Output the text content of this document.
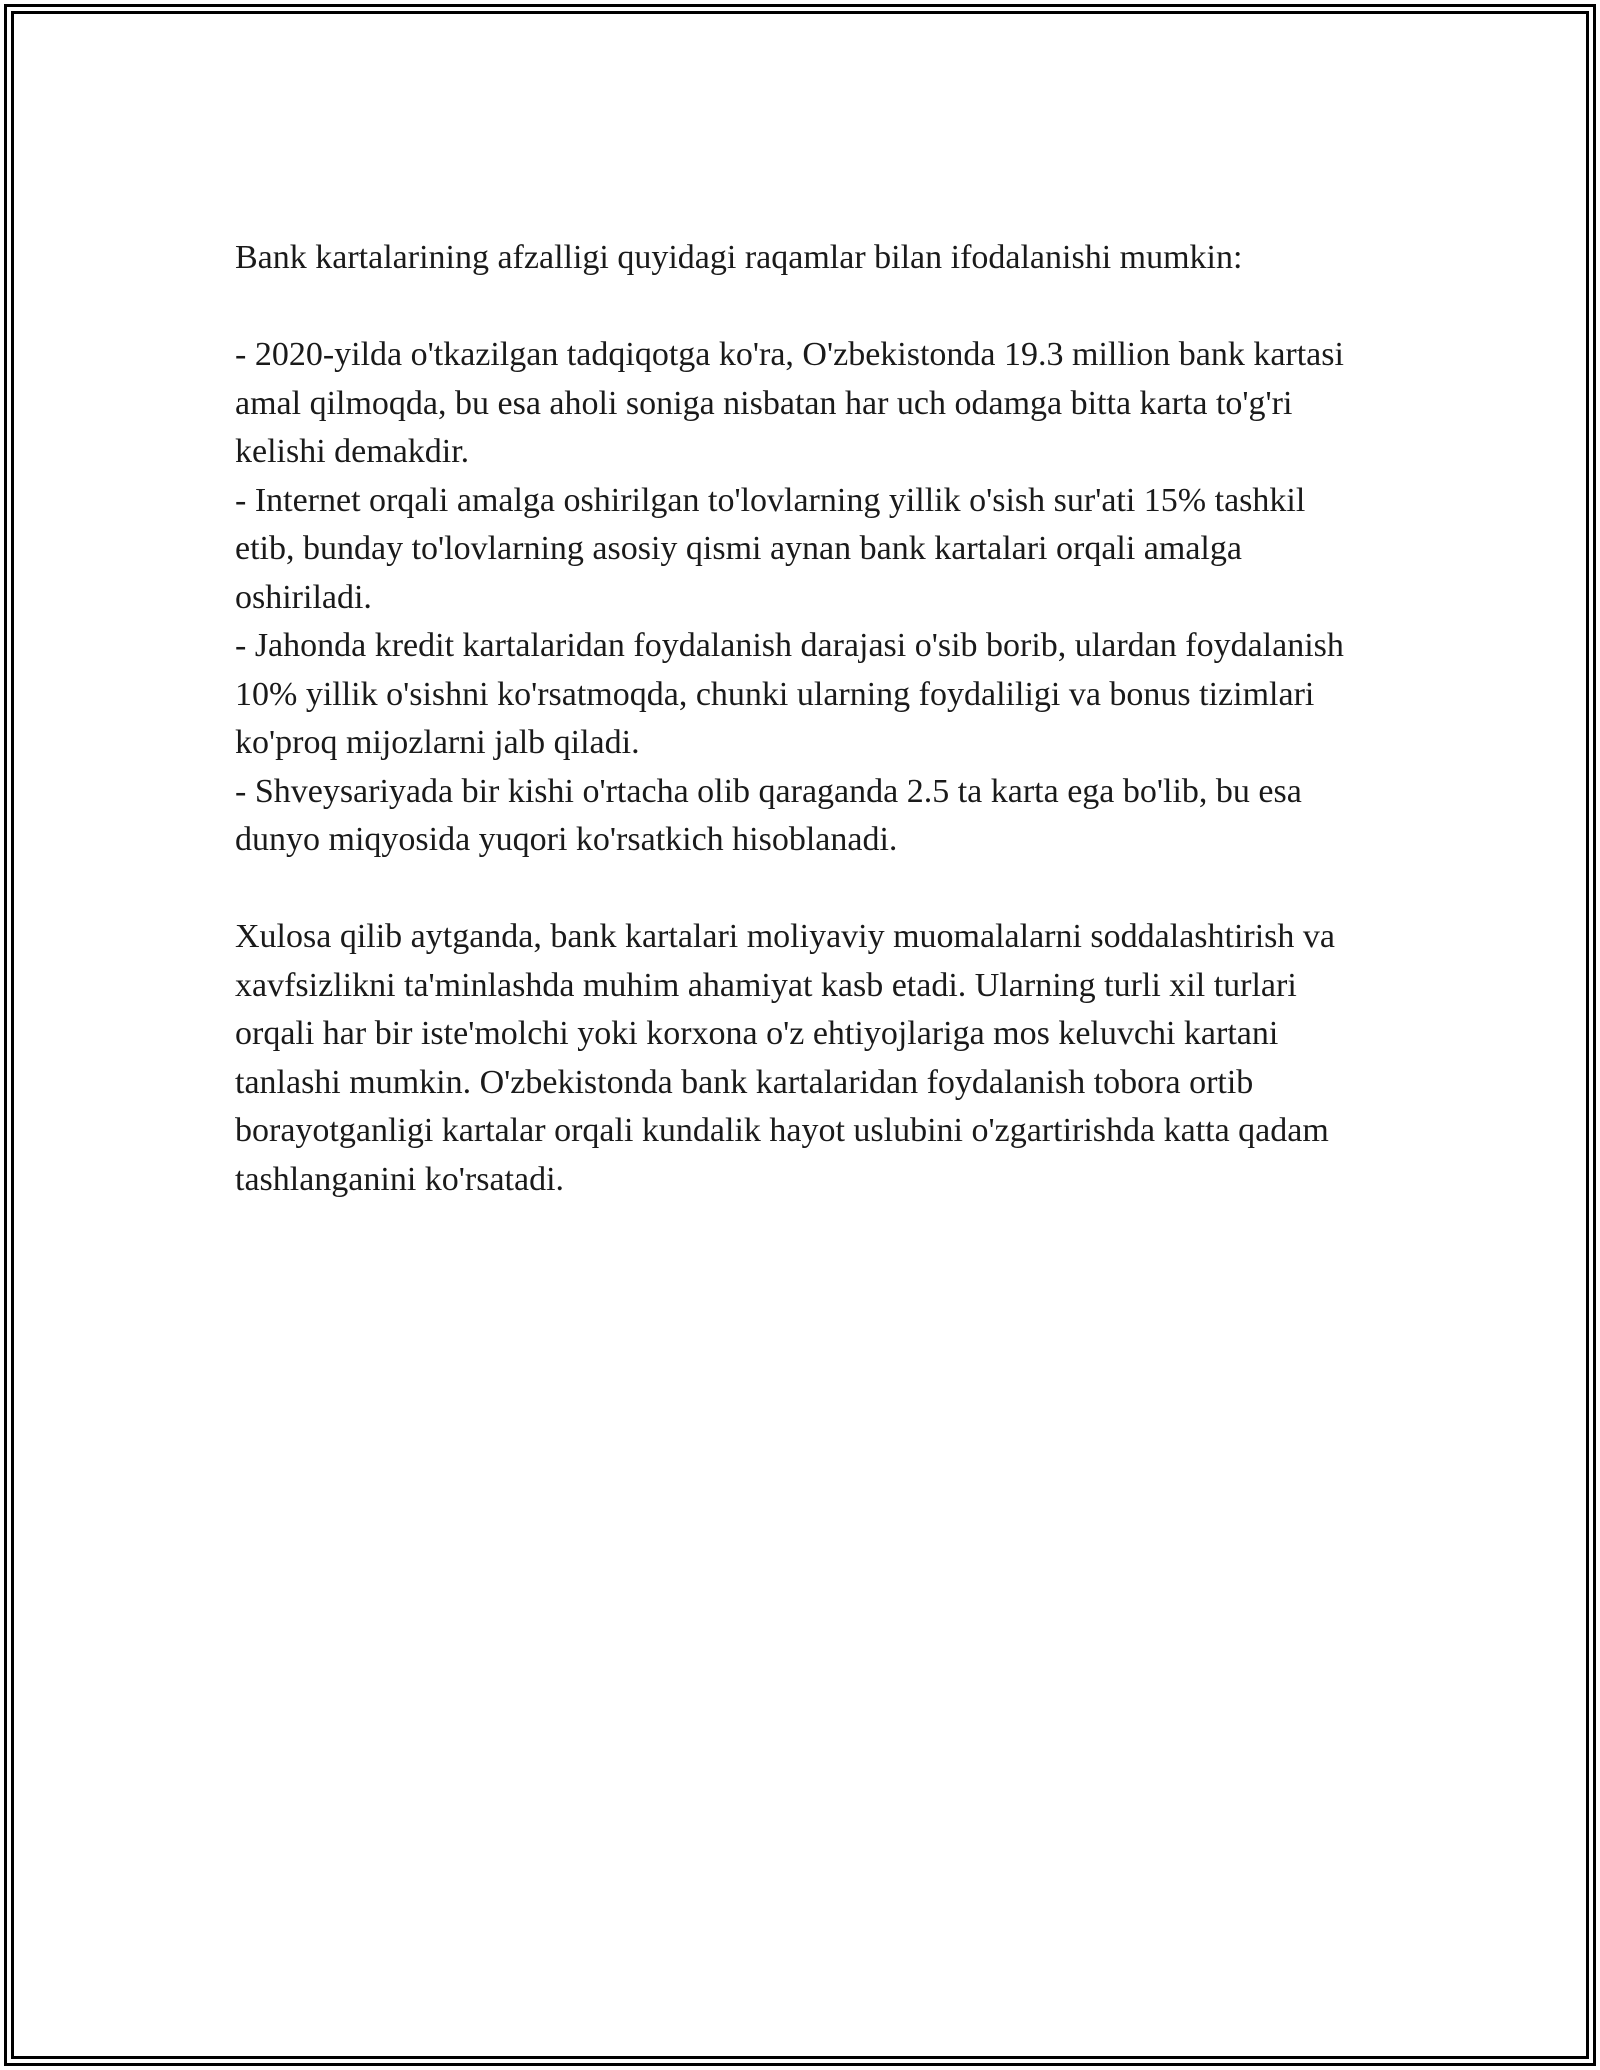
Bank kartalarining afzalligi quyidagi raqamlar bilan ifodalanishi mumkin:

- 2020-yilda o'tkazilgan tadqiqotga ko'ra, O'zbekistonda 19.3 million bank kartasi amal qilmoqda, bu esa aholi soniga nisbatan har uch odamga bitta karta to'g'ri kelishi demakdir.

- Internet orqali amalga oshirilgan to'lovlarning yillik o'sish sur'ati 15% tashkil etib, bunday to'lovlarning asosiy qismi aynan bank kartalari orqali amalga oshiriladi.

- Jahonda kredit kartalaridan foydalanish darajasi o'sib borib, ulardan foydalanish 10% yillik o'sishni ko'rsatmoqda, chunki ularning foydaliligi va bonus tizimlari ko'proq mijozlarni jalb qiladi.

- Shveysariyada bir kishi o'rtacha olib qaraganda 2.5 ta karta ega bo'lib, bu esa dunyo miqyosida yuqori ko'rsatkich hisoblanadi.

Xulosa qilib aytganda, bank kartalari moliyaviy muomalalarni soddalashtirish va xavfsizlikni ta'minlashda muhim ahamiyat kasb etadi. Ularning turli xil turlari orqali har bir iste'molchi yoki korxona o'z ehtiyojlariga mos keluvchi kartani tanlashi mumkin. O'zbekistonda bank kartalaridan foydalanish tobora ortib borayotganligi kartalar orqali kundalik hayot uslubini o'zgartirishda katta qadam tashlanganini ko'rsatadi.
